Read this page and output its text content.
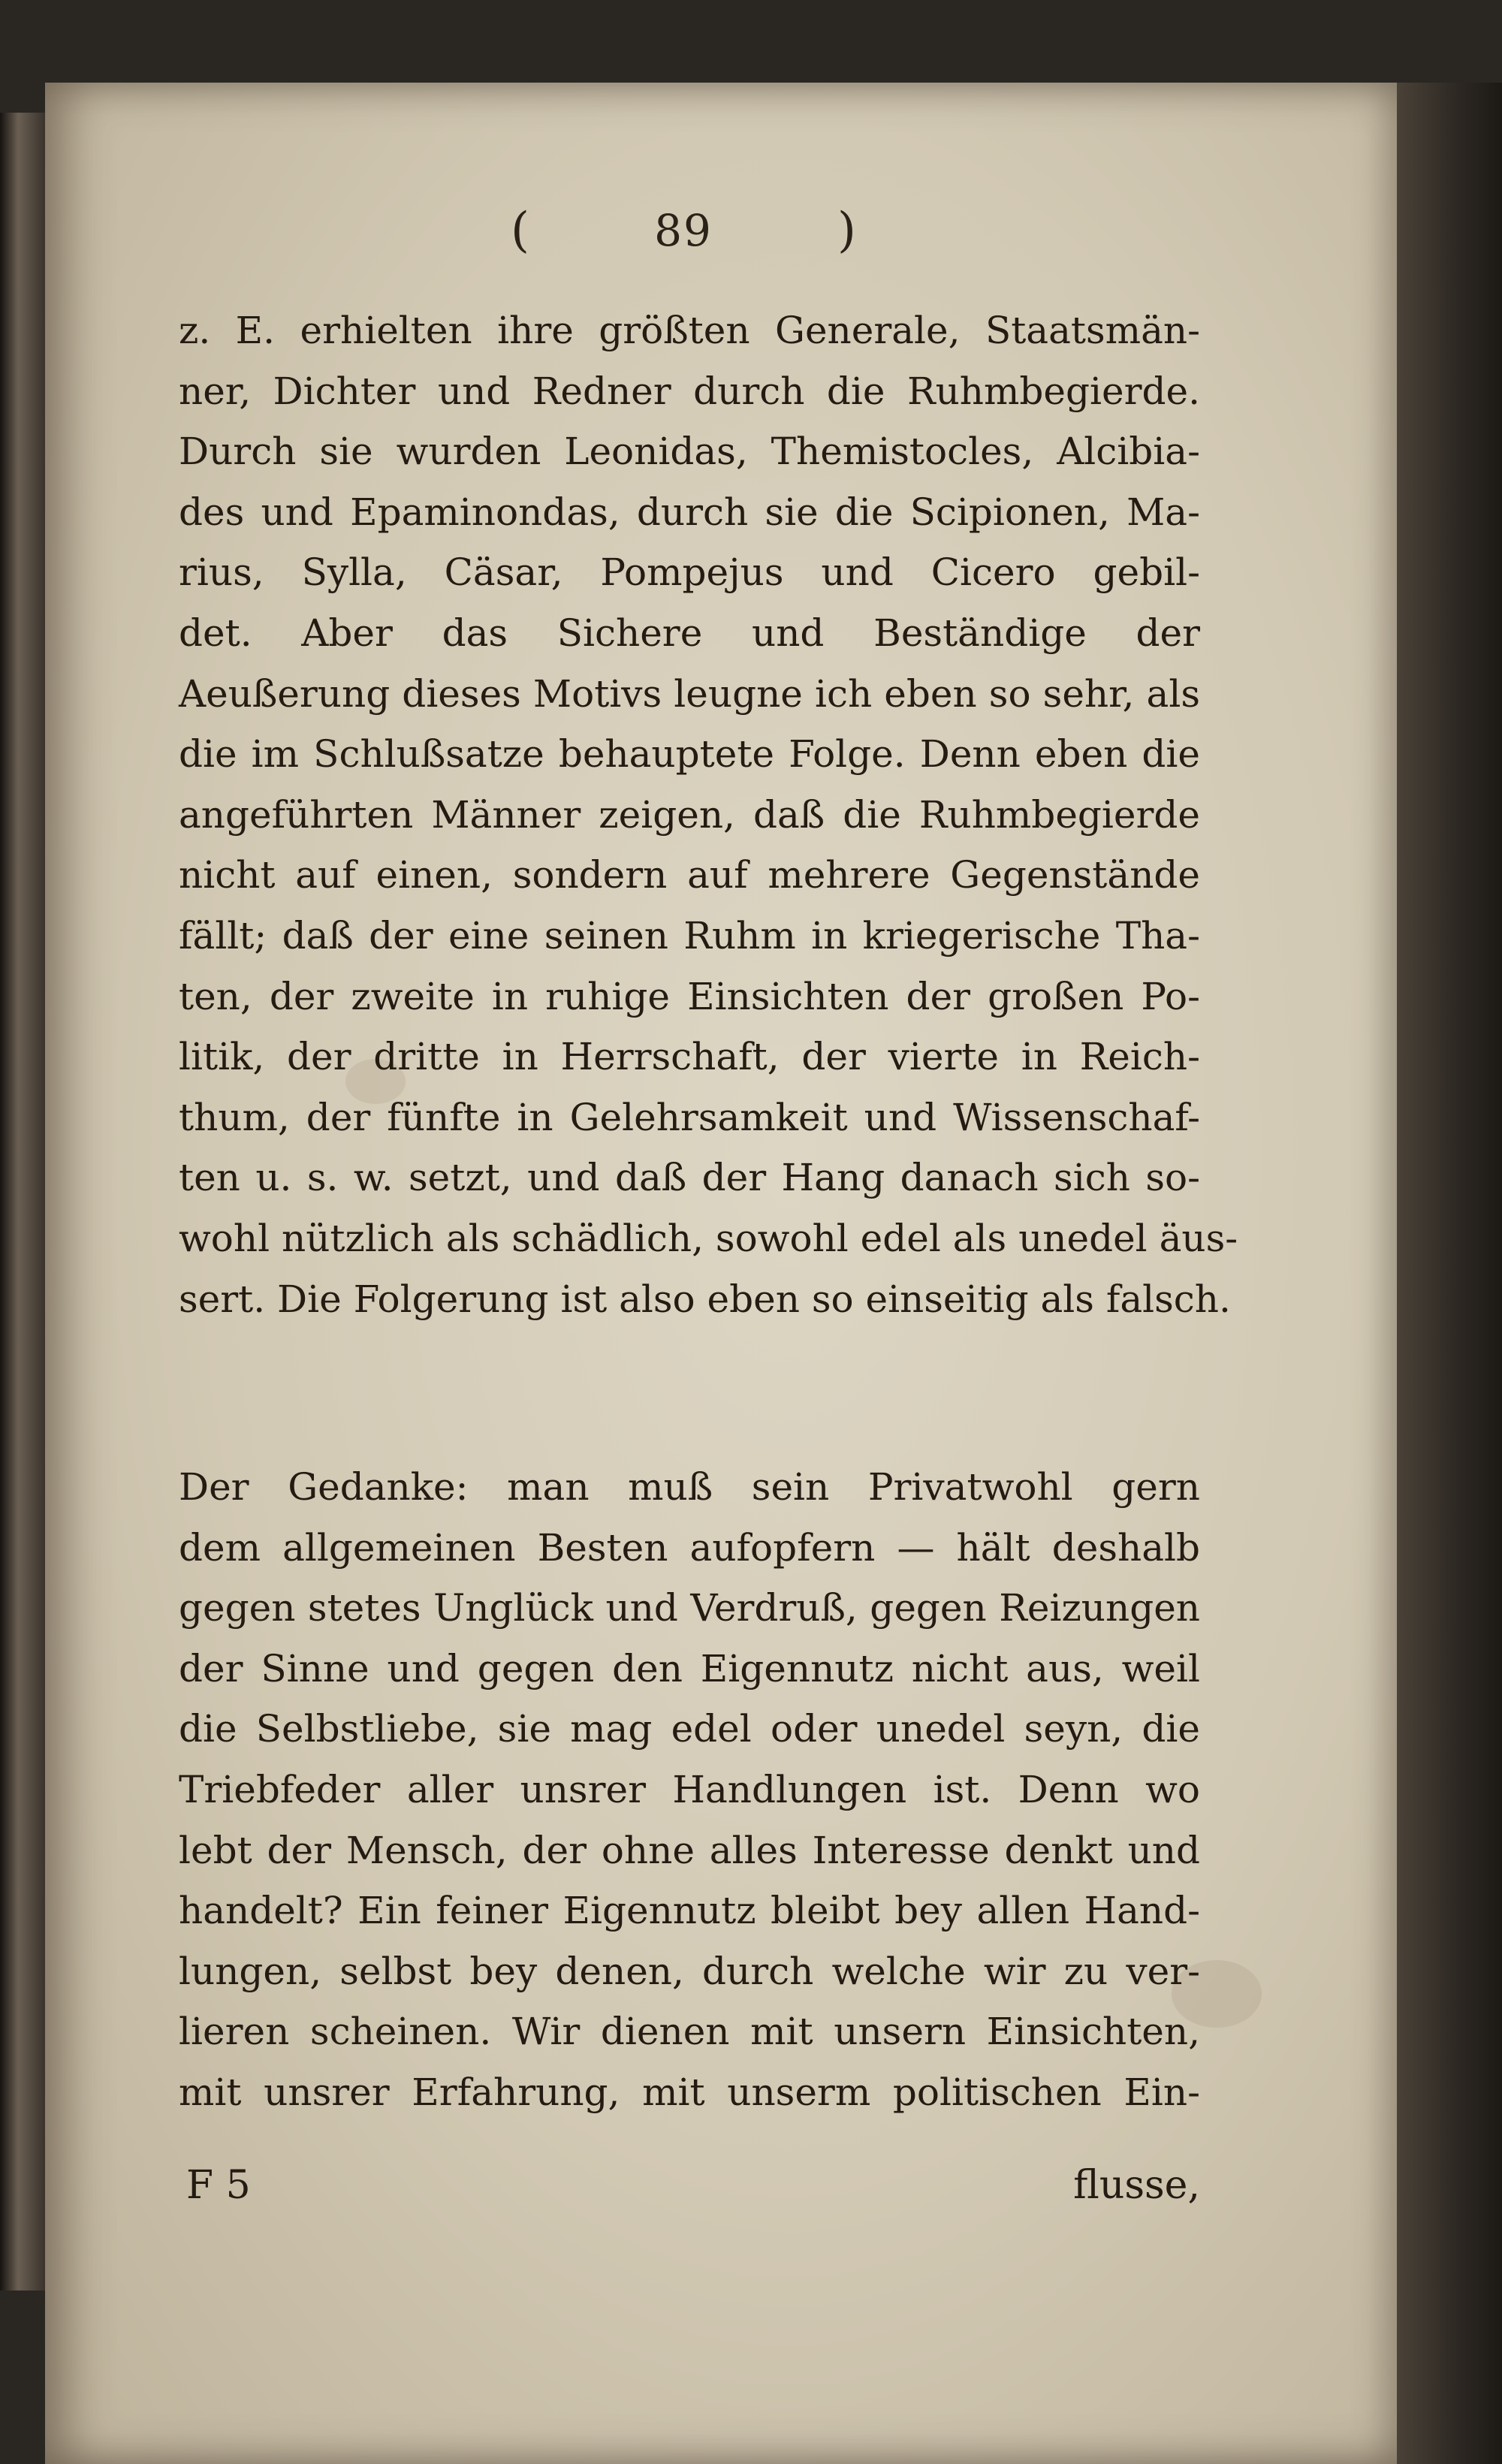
(	89	)
z. E. erhielten ihre größten Generale, Staatsmän-
ner, Dichter und Redner durch die Ruhmbegierde.
Durch sie wurden Leonidas, Themistocles, Alcibia-
des und Epaminondas, durch sie die Scipionen, Ma-
rius, Sylla, Cäsar, Pompejus und Cicero gebil-
det. Aber das Sichere und Beständige der
Aeußerung dieses Motivs leugne ich eben so sehr, als
die im Schlußsatze behauptete Folge. Denn eben die
angeführten Männer zeigen, daß die Ruhmbegierde
nicht auf einen, sondern auf mehrere Gegenstände
fällt; daß der eine seinen Ruhm in kriegerische Tha-
ten, der zweite in ruhige Einsichten der großen Po-
litik, der dritte in Herrschaft, der vierte in Reich-
thum, der fünfte in Gelehrsamkeit und Wissenschaf-
ten u. s. w. setzt, und daß der Hang danach sich so-
wohl nützlich als schädlich, sowohl edel als unedel äus-
sert. Die Folgerung ist also eben so einseitig als falsch.
Der Gedanke: man muß sein Privatwohl gern
dem allgemeinen Besten aufopfern — hält deshalb
gegen stetes Unglück und Verdruß, gegen Reizungen
der Sinne und gegen den Eigennutz nicht aus, weil
die Selbstliebe, sie mag edel oder unedel seyn, die
Triebfeder aller unsrer Handlungen ist. Denn wo
lebt der Mensch, der ohne alles Interesse denkt und
handelt? Ein feiner Eigennutz bleibt bey allen Hand-
lungen, selbst bey denen, durch welche wir zu ver-
lieren scheinen. Wir dienen mit unsern Einsichten,
mit unsrer Erfahrung, mit unserm politischen Ein-
F 5	flusse,
